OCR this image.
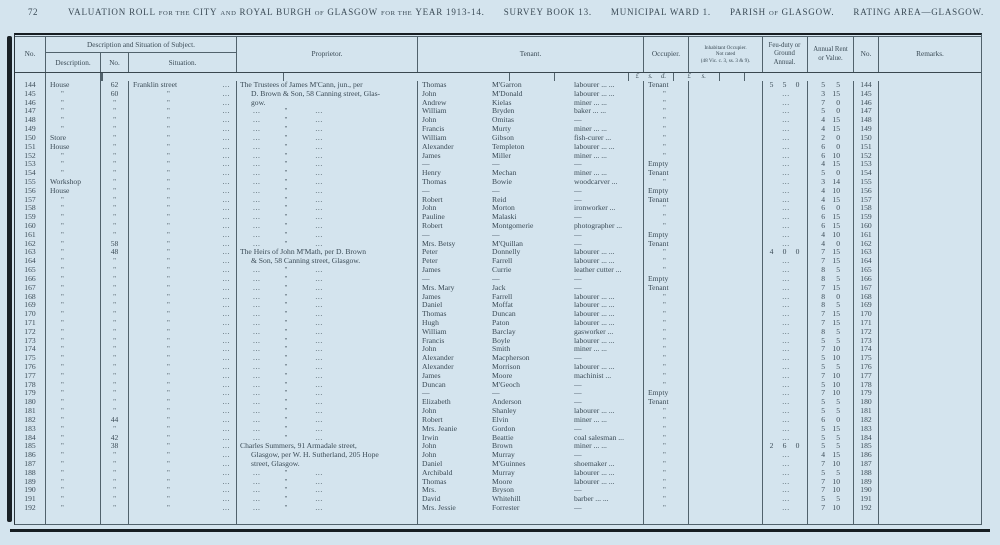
72	VALUATION ROLL FOR THE CITY AND ROYAL BURGH OF GLASGOW FOR THE YEAR 1913-14. SURVEY BOOK 13. MUNICIPAL WARD 1. PARISH OF GLASGOW. RATING AREA—GLASGOW.
No.
Description and Situation of Subject.
Description.	No.	Situation.
Proprietor.	Tenant.	Occupier.
Inhabitant Occupier.
Not rated
(48 Vic. c. 3, ss. 3 & 9).
Feu-duty or Ground Annual.
Annual Rent or Value.	No.	Remarks.
£	s.	d.	£	s.
144	House	62	Franklin street	...	The Trustees of James M'Cann, jun., per	Thomas	M'Garron	labourer ... ...	Tenant	5	5	0	5	5	144
145	"	60	"	...	D. Brown & Son, 58 Canning street, Glas-	John	M'Donald	labourer ... ...	"	...	3 15	145
146	"	"	"	...	gow.	Andrew	Kielas	miner ... ...	"	...	7	0	146
147	"	"	"	...	...	"	...	William	Bryden	baker ... ...	"	...	5	0	147
148	"	"	"	...	...	"	...	John	Omitas	—	"	...	4 15	148
149	"	"	"	...	...	"	...	Francis	Murty	miner ... ...	"	...	4 15	149
150	Store	"	"	...	...	"	...	William	Gibson	fish-curer ...	"	...	2	0	150
151	House	"	"	...	...	"	...	Alexander	Templeton	labourer ... ...	"	...	6	0	151
152	"	"	"	...	...	"	...	James	Miller	miner ... ...	"	...	6 10	152
153	"	"	"	...	...	"	...	—	—	—	Empty	...	4 15	153
154	"	"	"	...	...	"	...	Henry	Mechan	miner ... ...	Tenant	...	5	0	154
155	Workshop	"	"	...	...	"	...	Thomas	Bowie	woodcarver ...	"	...	3 14	155
156	House	"	"	...	...	"	...	—	—	—	Empty	...	4 10	156
157	"	"	"	...	...	"	...	Robert	Reid	—	Tenant	...	4 15	157
158	"	"	"	...	...	"	...	John	Morton	ironworker ...	"	...	6	0	158
159	"	"	"	...	...	"	...	Pauline	Malaski	—	"	...	6 15	159
160	"	"	"	...	...	"	...	Robert	Montgomerie	photographer ...	"	...	6 15	160
161	"	"	"	...	...	"	...	—	—	—	Empty	...	4 10	161
162	"	58	"	...	...	"	...	Mrs. Betsy	M'Quillan	—	Tenant	...	4	0	162
163	"	48	"	...	The Heirs of John M'Math, per D. Brown	Peter	Donnelly	labourer ... ...	"	4	0	0	7 15	163
164	"	"	"	...	& Son, 58 Canning street, Glasgow.	Peter	Farrell	labourer ... ...	"	...	7 15	164
165	"	"	"	...	...	"	...	James	Currie	leather cutter ...	"	...	8	5	165
166	"	"	"	...	...	"	...	—	—	—	Empty	...	8	5	166
167	"	"	"	...	...	"	...	Mrs. Mary	Jack	—	Tenant	...	7 15	167
168	"	"	"	...	...	"	...	James	Farrell	labourer ... ...	"	...	8	0	168
169	"	"	"	...	...	"	...	Daniel	Moffat	labourer ... ...	"	...	8	5	169
170	"	"	"	...	...	"	...	Thomas	Duncan	labourer ... ...	"	...	7 15	170
171	"	"	"	...	...	"	...	Hugh	Paton	labourer ... ...	"	...	7 15	171
172	"	"	"	...	...	"	...	William	Barclay	gasworker ...	"	...	8	5	172
173	"	"	"	...	...	"	...	Francis	Boyle	labourer ... ...	"	...	5	5	173
174	"	"	"	...	...	"	...	John	Smith	miner ... ...	"	...	7 10	174
175	"	"	"	...	...	"	...	Alexander	Macpherson	—	"	...	5 10	175
176	"	"	"	...	...	"	...	Alexander	Morrison	labourer ... ...	"	...	5	5	176
177	"	"	"	...	...	"	...	James	Moore	machinist ...	"	...	7 10	177
178	"	"	"	...	...	"	...	Duncan	M'Geoch	—	"	...	5 10	178
179	"	"	"	...	...	"	...	—	—	—	Empty	...	7 10	179
180	"	"	"	...	...	"	...	Elizabeth	Anderson	—	Tenant	...	5	5	180
181	"	"	"	...	...	"	...	John	Shanley	labourer ... ...	"	...	5	5	181
182	"	44	"	...	...	"	...	Robert	Elvin	miner ... ...	"	...	6	0	182
183	"	"	"	...	...	"	...	Mrs. Jeanie	Gordon	—	"	...	5 15	183
184	"	42	"	...	...	"	...	Irwin	Beattie	coal salesman ...	"	...	5	5	184
185	"	38	"	...	Charles Summers, 91 Armadale street,	John	Brown	miner ... ...	"	2	6	0	5	5	185
186	"	"	"	...	Glasgow, per W. H. Sutherland, 205 Hope	John	Murray	—	"	...	4 15	186
187	"	"	"	...	street, Glasgow.	Daniel	M'Guinnes	shoemaker ...	"	...	7 10	187
188	"	"	"	...	...	"	...	Archibald	Murray	labourer ... ...	"	...	5	5	188
189	"	"	"	...	...	"	...	Thomas	Moore	labourer ... ...	"	...	7 10	189
190	"	"	"	...	...	"	...	Mrs.	Bryson	—	"	...	7 10	190
191	"	"	"	...	...	"	...	David	Whitehill	barber ... ...	"	...	5	5	191
192	"	"	"	...	...	"	...	Mrs. Jessie	Forrester	—	"	...	7 10	192
